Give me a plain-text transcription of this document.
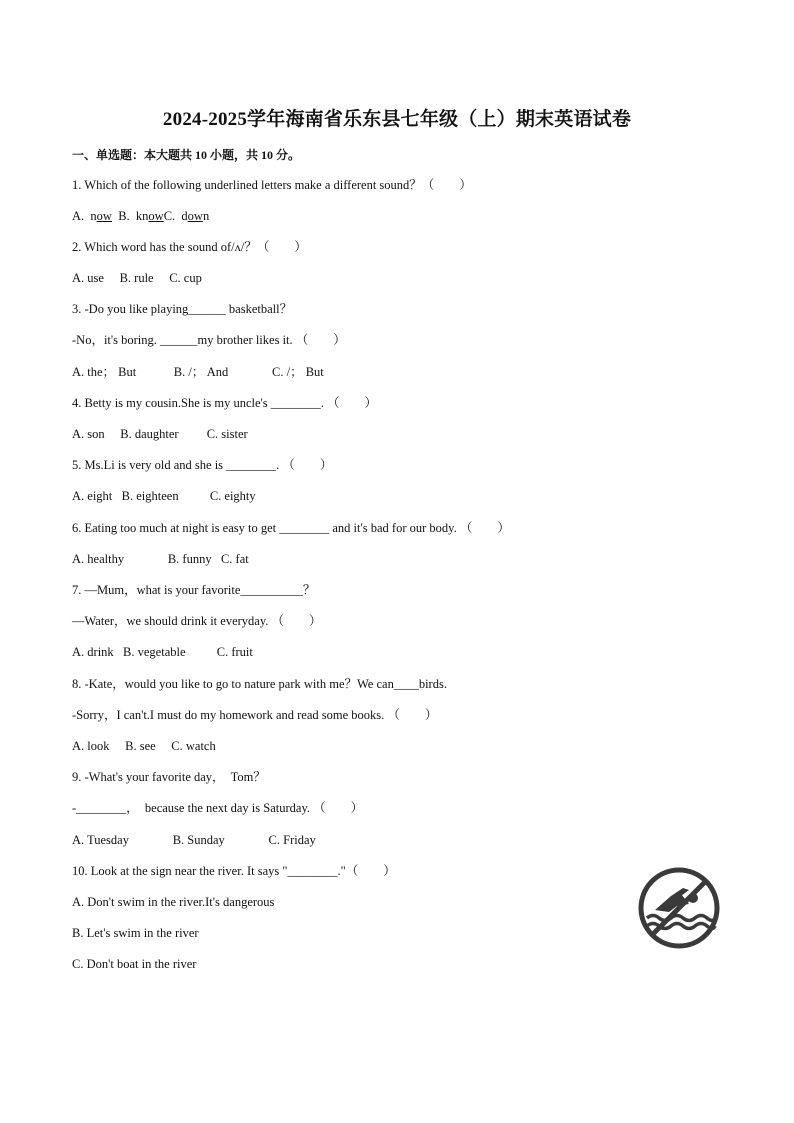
2024-2025学年海南省乐东县七年级（上）期末英语试卷
一、单选题：本大题共 10 小题，共 10 分。
1. Which of the following underlined letters make a different sound？（　　）
A.  now  B.  knowC.  down
2. Which word has the sound of/ʌ/？（　　）
A. use     B. rule     C. cup
3. -Do you like playing______ basketball？
-No，it's boring. ______my brother likes it. （　　）
A. the； But            B. /； And              C. /； But
4. Betty is my cousin.She is my uncle's ________. （　　）
A. son     B. daughter         C. sister
5. Ms.Li is very old and she is ________. （　　）
A. eight   B. eighteen          C. eighty
6. Eating too much at night is easy to get ________ and it's bad for our body. （　　）
A. healthy              B. funny   C. fat
7. —Mum，what is your favorite__________？
—Water，we should drink it everyday. （　　）
A. drink   B. vegetable          C. fruit
8. -Kate，would you like to go to nature park with me？We can____birds.
-Sorry，I can't.I must do my homework and read some books. （　　）
A. look     B. see     C. watch
9. -What's your favorite day，  Tom？
-________，  because the next day is Saturday. （　　）
A. Tuesday              B. Sunday              C. Friday
10. Look at the sign near the river. It says "________."（　　）
A. Don't swim in the river.It's dangerous
B. Let's swim in the river
C. Don't boat in the river
